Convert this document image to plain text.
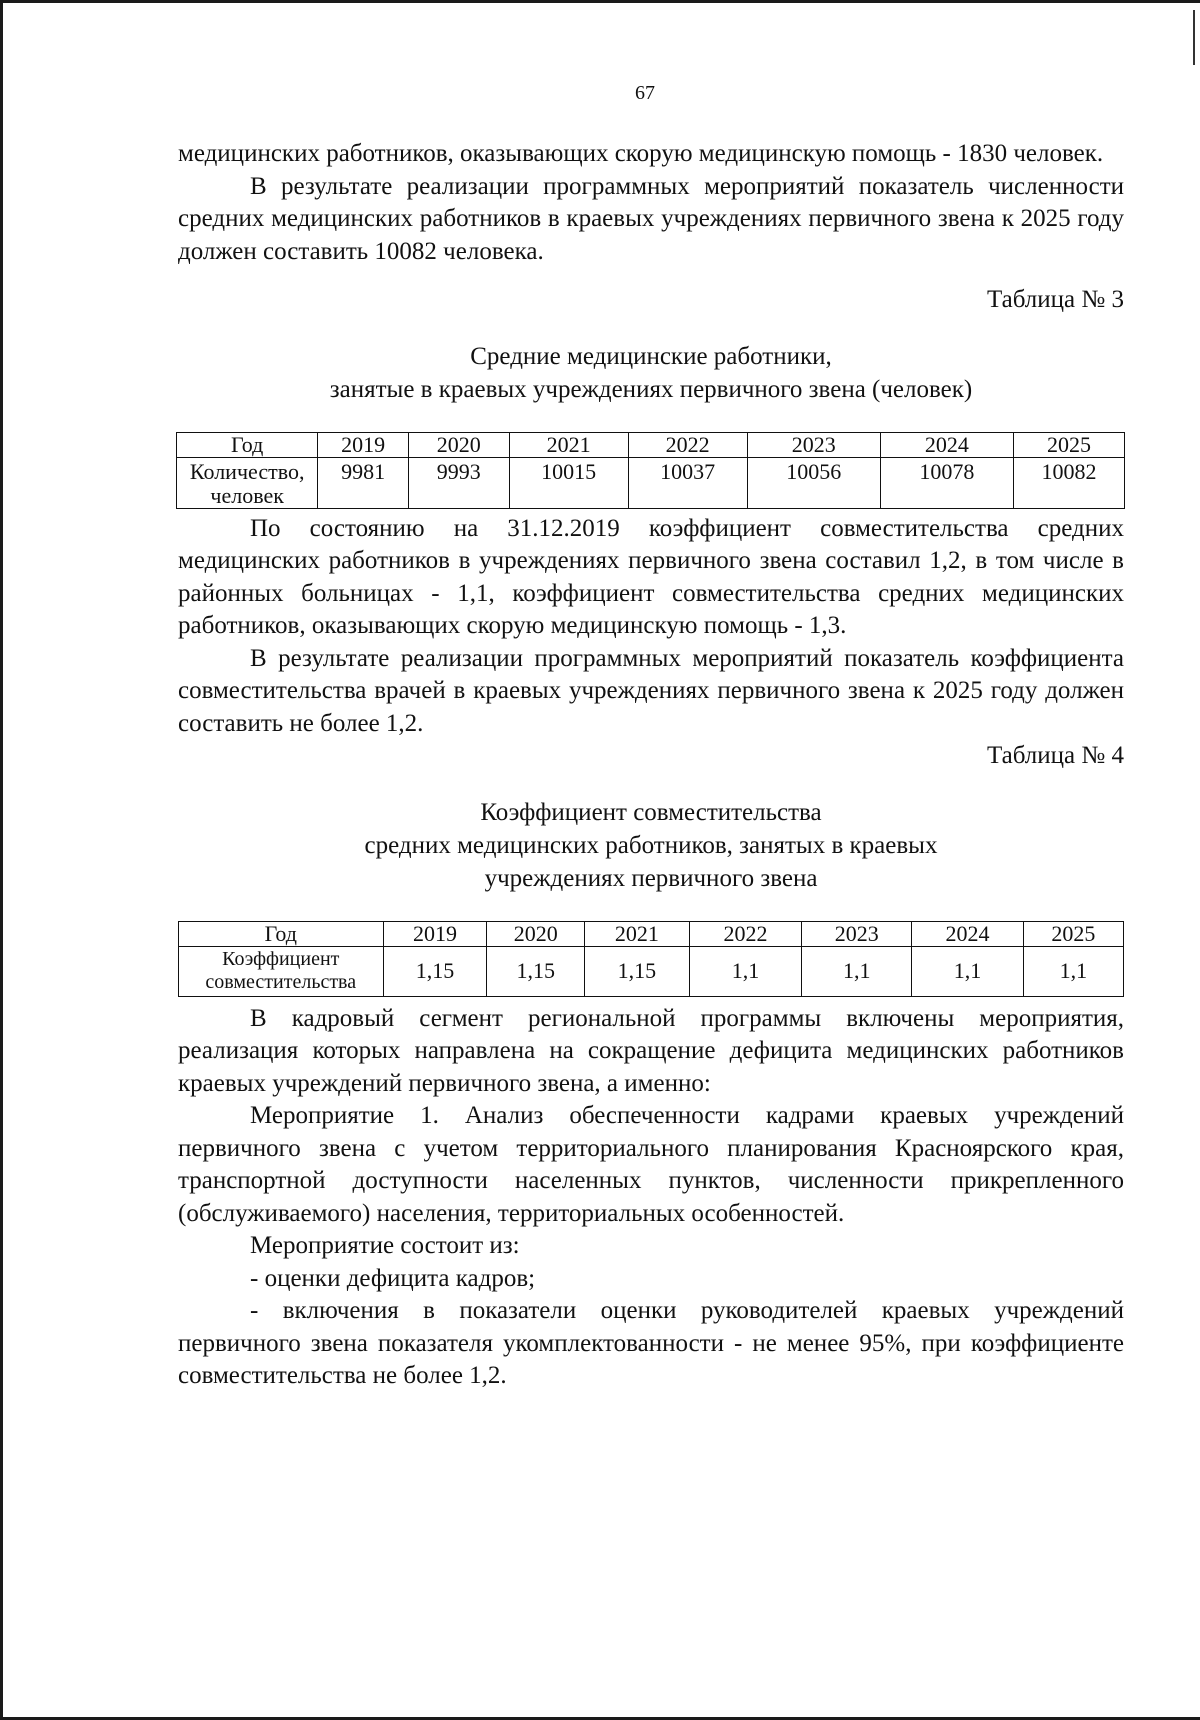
67

медицинских работников, оказывающих скорую медицинскую помощь - 1830 человек.

В результате реализации программных мероприятий показатель численности средних медицинских работников в краевых учреждениях первичного звена к 2025 году должен составить 10082 человека.

Таблица № 3
Средние медицинские работники,
занятые в краевых учреждениях первичного звена (человек)
Год	2019	2020	2021	2022	2023	2024	2025
Количество, человек	9981	9993	10015	10037	10056	10078	10082

По состоянию на 31.12.2019 коэффициент совместительства средних медицинских работников в учреждениях первичного звена составил 1,2, в том числе в районных больницах - 1,1, коэффициент совместительства средних медицинских работников, оказывающих скорую медицинскую помощь - 1,3.

В результате реализации программных мероприятий показатель коэффициента совместительства врачей в краевых учреждениях первичного звена к 2025 году должен составить не более 1,2.

Таблица № 4
Коэффициент совместительства
средних медицинских работников, занятых в краевых
учреждениях первичного звена
Год	2019	2020	2021	2022	2023	2024	2025
Коэффициент совместительства	1,15	1,15	1,15	1,1	1,1	1,1	1,1

В кадровый сегмент региональной программы включены мероприятия, реализация которых направлена на сокращение дефицита медицинских работников краевых учреждений первичного звена, а именно:

Мероприятие 1. Анализ обеспеченности кадрами краевых учреждений первичного звена с учетом территориального планирования Красноярского края, транспортной доступности населенных пунктов, численности прикрепленного (обслуживаемого) населения, территориальных особенностей.

Мероприятие состоит из:

- оценки дефицита кадров;

- включения в показатели оценки руководителей краевых учреждений первичного звена показателя укомплектованности - не менее 95%, при коэффициенте совместительства не более 1,2.
